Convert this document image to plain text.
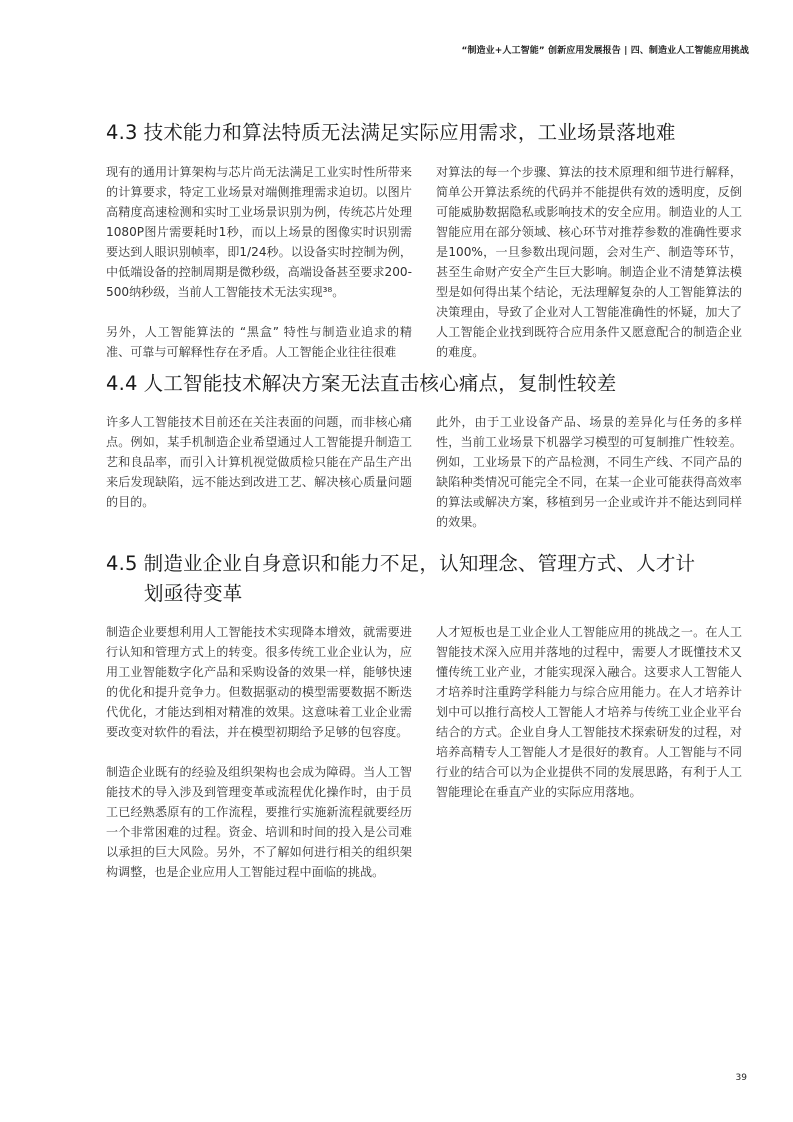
“制造业+人工智能” 创新应用发展报告 | 四、制造业人工智能应用挑战
4.3 技术能力和算法特质无法满足实际应用需求，工业场景落地难

现有的通用计算架构与芯片尚无法满足工业实时性所带来的计算要求，特定工业场景对端侧推理需求迫切。以图片高精度高速检测和实时工业场景识别为例，传统芯片处理1080P图片需要耗时1秒，而以上场景的图像实时识别需要达到人眼识别帧率，即1/24秒。以设备实时控制为例，中低端设备的控制周期是微秒级，高端设备甚至要求200-500纳秒级，当前人工智能技术无法实现³⁸。

另外，人工智能算法的 “黑盒” 特性与制造业追求的精准、可靠与可解释性存在矛盾。人工智能企业往往很难

对算法的每一个步骤、算法的技术原理和细节进行解释，简单公开算法系统的代码并不能提供有效的透明度，反倒可能威胁数据隐私或影响技术的安全应用。制造业的人工智能应用在部分领域、核心环节对推荐参数的准确性要求是100%，一旦参数出现问题，会对生产、制造等环节，甚至生命财产安全产生巨大影响。制造企业不清楚算法模型是如何得出某个结论，无法理解复杂的人工智能算法的决策理由，导致了企业对人工智能准确性的怀疑，加大了人工智能企业找到既符合应用条件又愿意配合的制造企业的难度。

4.4 人工智能技术解决方案无法直击核心痛点，复制性较差

许多人工智能技术目前还在关注表面的问题，而非核心痛点。例如，某手机制造企业希望通过人工智能提升制造工艺和良品率，而引入计算机视觉做质检只能在产品生产出来后发现缺陷，远不能达到改进工艺、解决核心质量问题的目的。

此外，由于工业设备产品、场景的差异化与任务的多样性，当前工业场景下机器学习模型的可复制推广性较差。例如，工业场景下的产品检测，不同生产线、不同产品的缺陷种类情况可能完全不同，在某一企业可能获得高效率的算法或解决方案，移植到另一企业或许并不能达到同样的效果。

4.5 制造业企业自身意识和能力不足，认知理念、管理方式、人才计
划亟待变革

制造企业要想利用人工智能技术实现降本增效，就需要进行认知和管理方式上的转变。很多传统工业企业认为，应用工业智能数字化产品和采购设备的效果一样，能够快速的优化和提升竞争力。但数据驱动的模型需要数据不断迭代优化，才能达到相对精准的效果。这意味着工业企业需要改变对软件的看法，并在模型初期给予足够的包容度。

制造企业既有的经验及组织架构也会成为障碍。当人工智能技术的导入涉及到管理变革或流程优化操作时，由于员工已经熟悉原有的工作流程，要推行实施新流程就要经历一个非常困难的过程。资金、培训和时间的投入是公司难以承担的巨大风险。另外，不了解如何进行相关的组织架构调整，也是企业应用人工智能过程中面临的挑战。

人才短板也是工业企业人工智能应用的挑战之一。在人工智能技术深入应用并落地的过程中，需要人才既懂技术又懂传统工业产业，才能实现深入融合。这要求人工智能人才培养时注重跨学科能力与综合应用能力。在人才培养计划中可以推行高校人工智能人才培养与传统工业企业平台结合的方式。企业自身人工智能技术探索研发的过程，对培养高精专人工智能人才是很好的教育。人工智能与不同行业的结合可以为企业提供不同的发展思路，有利于人工智能理论在垂直产业的实际应用落地。

39
